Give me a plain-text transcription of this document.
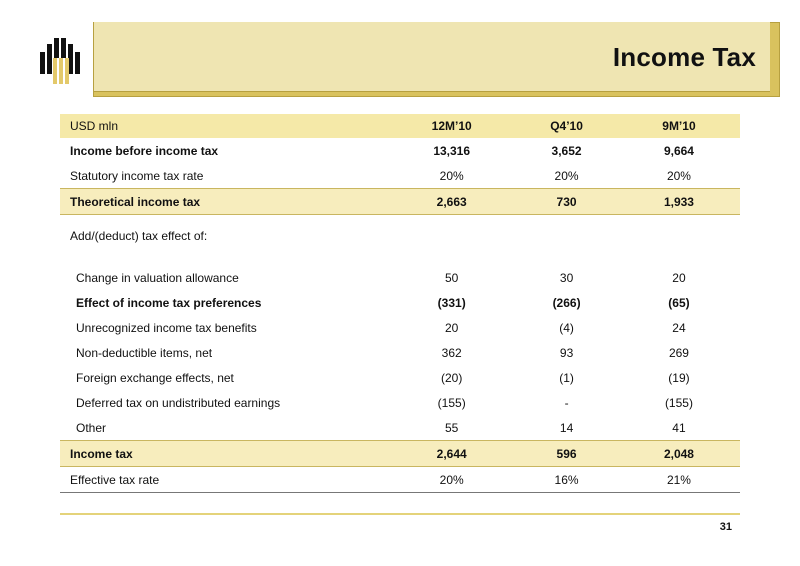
Income Tax
USD mln	12M’10	Q4’10	9M’10
Income before income tax	13,316	3,652	9,664
Statutory income tax rate	20%	20%	20%
Theoretical income tax	2,663	730	1,933
Add/(deduct) tax effect of:			

Change in valuation allowance	50	30	20
Effect of income tax preferences	(331)	(266)	(65)
Unrecognized income tax benefits	20	(4)	24
Non-deductible items, net	362	93	269
Foreign exchange effects, net	(20)	(1)	(19)
Deferred tax on undistributed earnings	(155)	-	(155)
Other	55	14	41
Income tax	2,644	596	2,048
Effective tax rate	20%	16%	21%
31
